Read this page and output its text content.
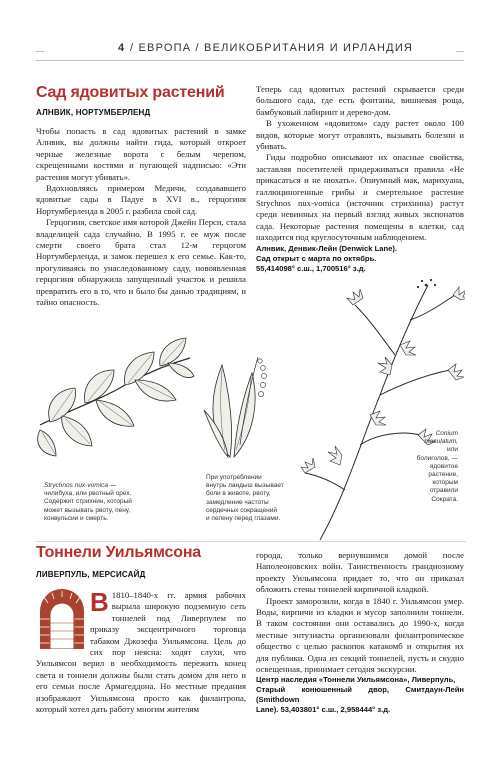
4 / ЕВРОПА / ВЕЛИКОБРИТАНИЯ И ИРЛАНДИЯ
Сад ядовитых растений
АЛНВИК, НОРТУМБЕРЛЕНД

Чтобы попасть в сад ядовитых растений в замке Алнвик, вы должны найти гида, который откроет черные железные ворота с белым черепом, скрещенными костями и пугающей надписью: «Эти растения могут убивать».

Вдохновляясь примером Медичи, создававшего ядовитые сады в Падуе в XVI в., герцогиня Нортумберленда в 2005 г. разбила свой сад.

Герцогиня, светское имя которой Джейн Перси, стала владелицей сада случайно. В 1995 г. ее муж после смерти своего брата стал 12-м герцогом Нортумберленда, и замок перешел к его семье. Как-то, прогуливаясь по унаследованному саду, новоявленная герцогиня обнаружила запущенный участок и решила превратить его в то, что и было бы данью традициям, и тайно опасность.

Теперь сад ядовитых растений скрывается среди большого сада, где есть фонтаны, вишневая роща, бамбуковый лабиринт и дерево-дом.

В ухоженном «ядовитом» саду растет около 100 видов, которые могут отравлять, вызывать болезни и убивать.

Гиды подробно описывают их опасные свойства, заставляя посетителей придерживаться правила «Не прикасаться и не нюхать». Опиумный мак, марихуана, галлюциногенные грибы и смертельное растение Strychnos nux-vomica (источник стрихнина) растут среди невинных на первый взгляд живых экспонатов сада. Некоторые растения помещены в клетки, сад находится под круглосуточным наблюдением.

Алнвик, Денвик-Лейн (Denwick Lane).
Сад открыт с марта по октябрь.
55,414098° с.ш., 1,700516° з.д.
Strychnos nux-vomica —
чилибуха, или рвотный орех.
Содержит стрихнин, который
может вызывать рвоту, пену,
конвульсии и смерть.
При употреблении
внутрь ландыш вызывает
боли в животе, рвоту,
замедление частоты
сердечных сокращений
и пелену перед глазами.
Conium
maculatum,
или
болиголов, —
ядовитое
растение,
которым
отравили
Сократа.
Тоннели Уильямсона
ЛИВЕРПУЛЬ, МЕРСИСАЙД

В 1810–1840-х гг. армия рабочих вырыла широкую подземную сеть тоннелей под Ливерпулем по приказу эксцентричного торговца табаком Джозефа Уильямсона. Цель до сих пор неясна: ходят слухи, что Уильямсон верил в необходимость пережить конец света и тоннели должны были стать домом для него и его семьи после Армагеддона. Но местные предания изображают Уильямсона просто как филантропа, который хотел дать работу многим жителям

города, только вернувшимся домой после Наполеоновских войн. Таинственность грандиозному проекту Уильямсона придает то, что он приказал обложить стены тоннелей кирпичной кладкой.

Проект заморозили, когда в 1840 г. Уильямсон умер. Воды, кирпичи из кладки и мусор заполнили тоннели. В таком состоянии они оставались до 1990-х, когда местные энтузиасты организовали филантропическое общество с целью раскопок катакомб и открытия их для публики. Одна из секций тоннелей, пусть и скудно освещенная, принимает сегодня экскурсии.

Центр наследия «Тоннели Уильямсона», Ливерпуль,
Старый конюшенный двор, Смитдаун-Лейн (Smithdown
Lane). 53,403801° с.ш., 2,958444° з.д.
